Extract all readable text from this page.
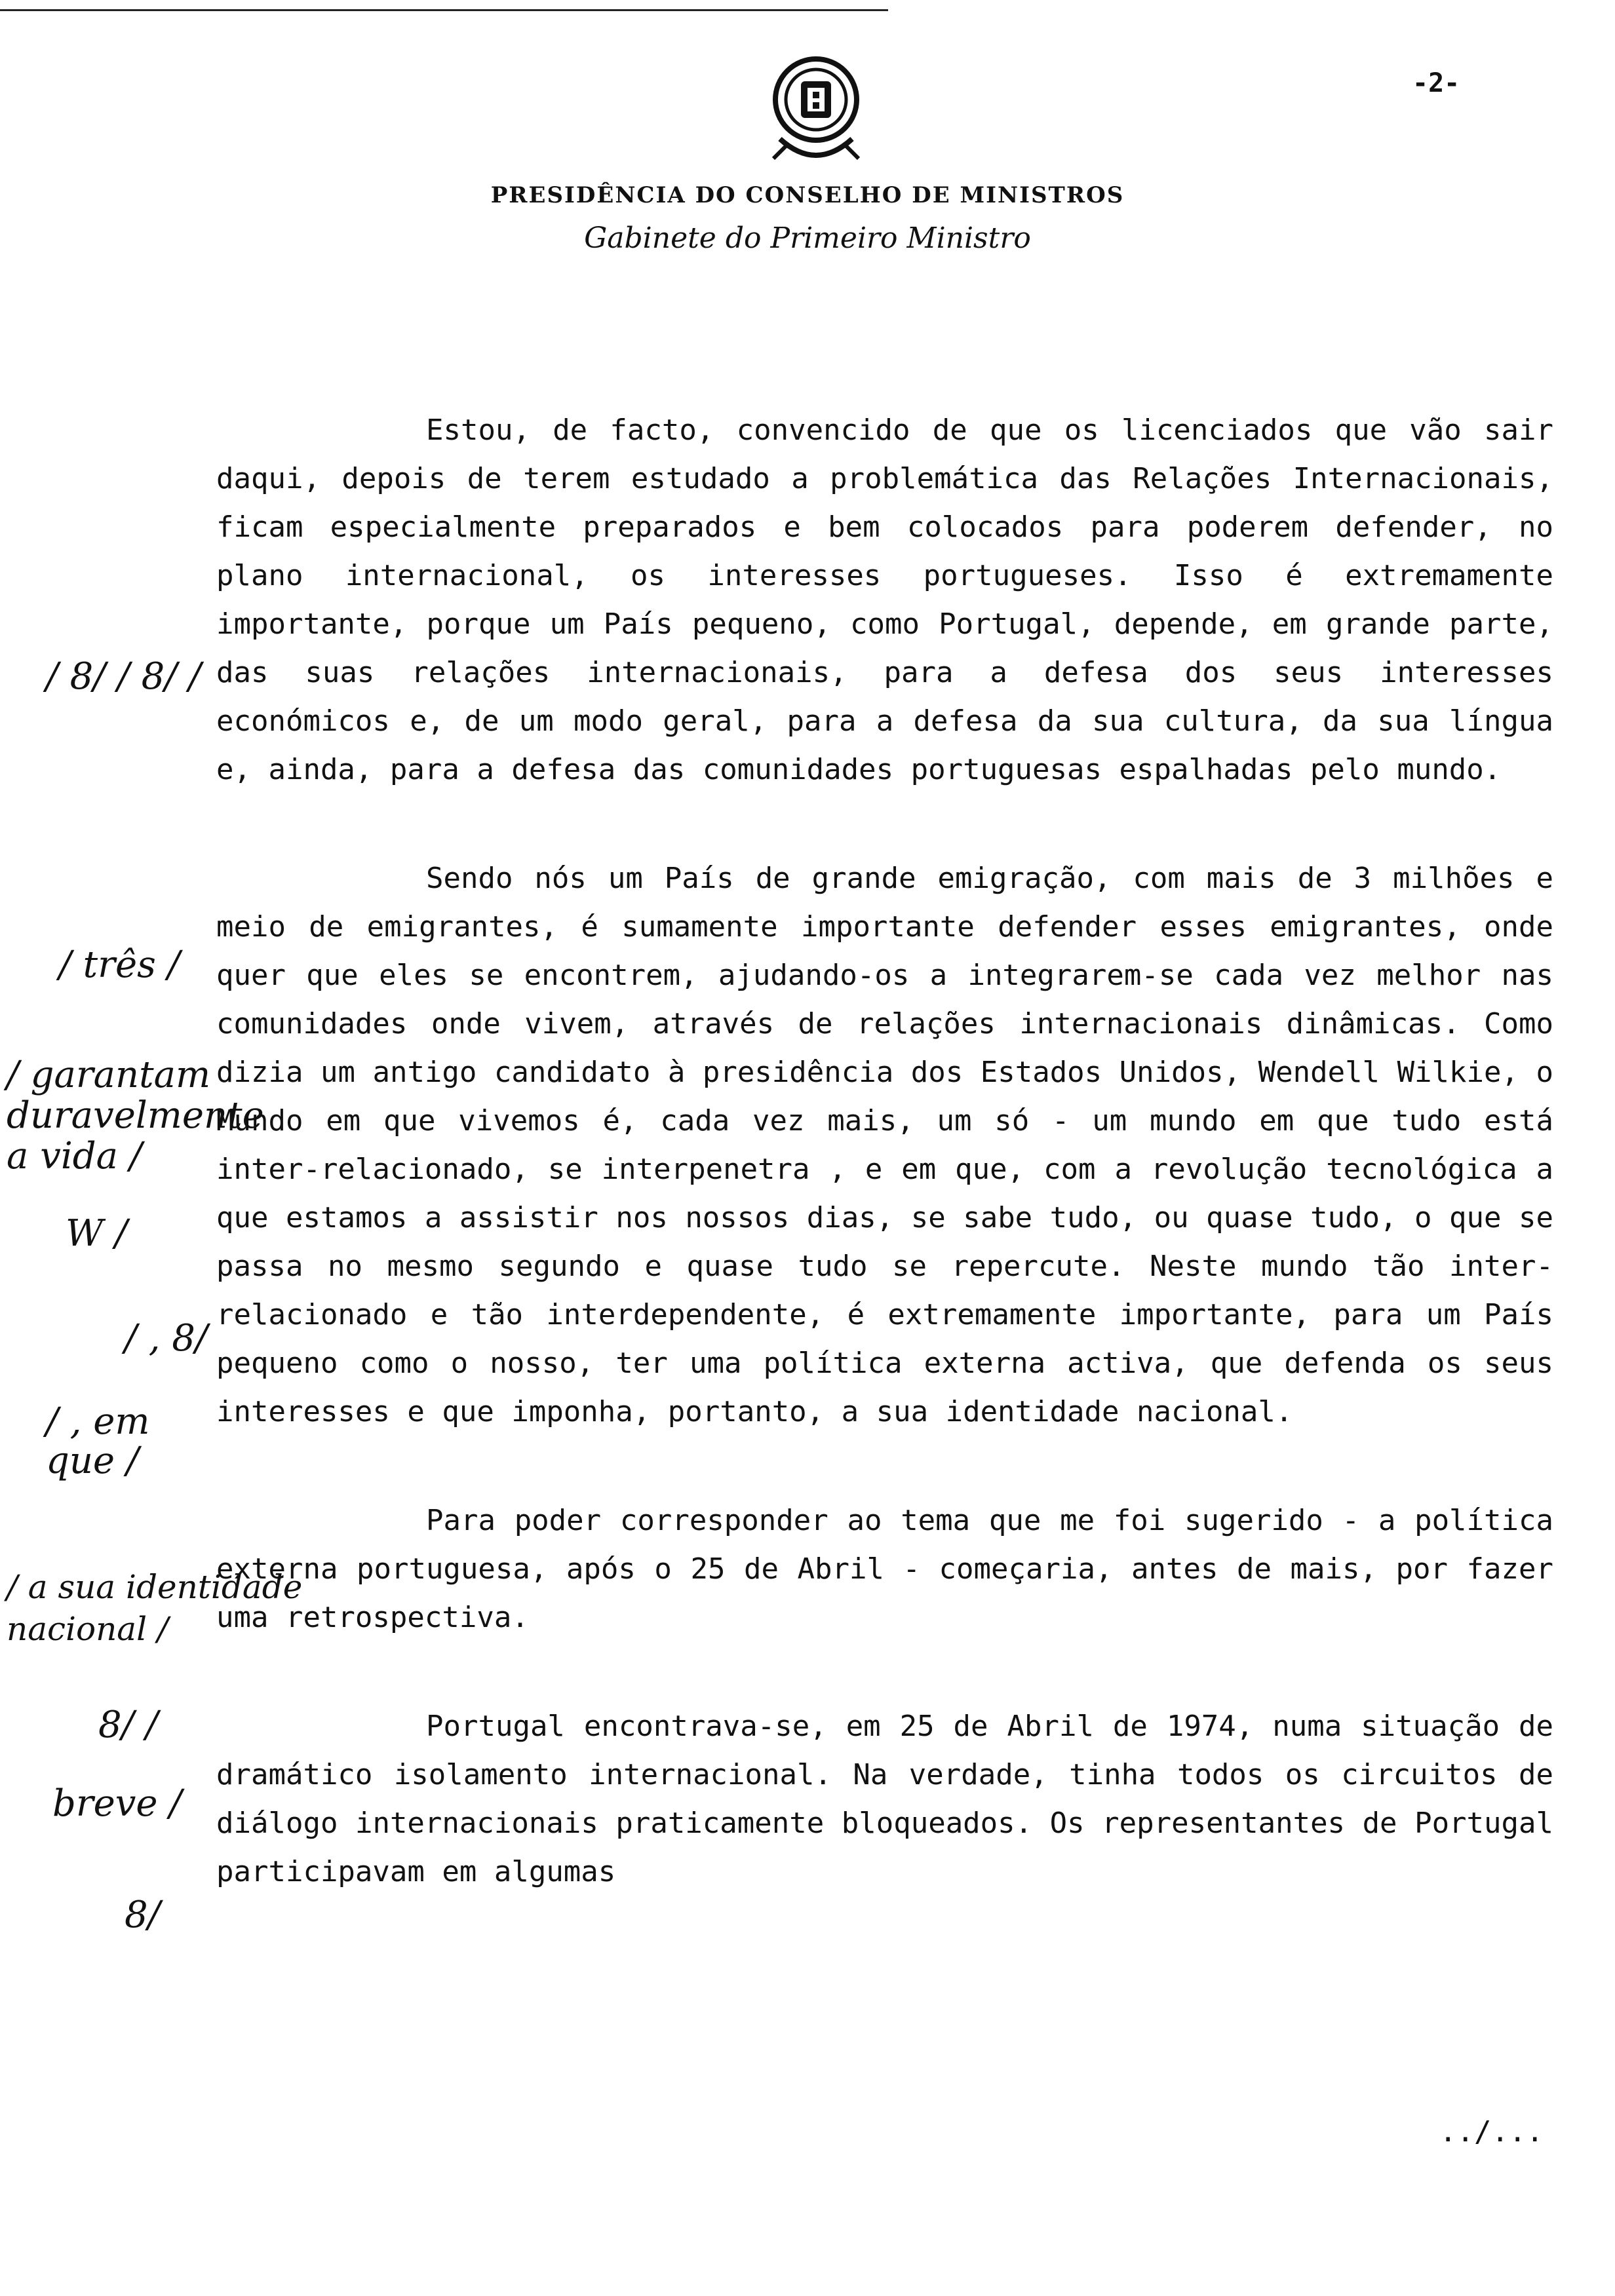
-2-
PRESIDÊNCIA DO CONSELHO DE MINISTROS
Gabinete do Primeiro Ministro

Estou, de facto, convencido de que os licenciados que vão sair daqui, depois de terem estudado a problemática das Relações Internacionais, ficam especialmente preparados e bem colocados para poderem defender, no plano internacional, os interesses portugueses. Isso é extremamente importante, porque um País pequeno, como Portugal, depende, em grande parte, das suas relações internacionais, para a defesa dos seus interesses económicos e, de um modo geral, para a defesa da sua cultura, da sua língua e, ainda, para a defesa das comunidades portuguesas espalhadas pelo mundo.

Sendo nós um País de grande emigração, com mais de 3 milhões e meio de emigrantes, é sumamente importante defender esses emigrantes, onde quer que eles se encontrem, ajudando-os a integrarem-se cada vez melhor nas comunidades onde vivem, através de relações internacionais dinâmicas. Como dizia um antigo candidato à presidência dos Estados Unidos, Wendell Wilkie, o Mundo em que vivemos é, cada vez mais, um só - um mundo em que tudo está inter-relacionado, se interpenetra , e em que, com a revolução tecnológica a que estamos a assistir nos nossos dias, se sabe tudo, ou quase tudo, o que se passa no mesmo segundo e quase tudo se repercute. Neste mundo tão inter-relacionado e tão interdependente, é extremamente importante, para um País pequeno como o nosso, ter uma política externa activa, que defenda os seus interesses e que imponha, portanto, a sua identidade nacional.

Para poder corresponder ao tema que me foi sugerido - a política externa portuguesa, após o 25 de Abril - começaria, antes de mais, por fazer uma retrospectiva.

Portugal encontrava-se, em 25 de Abril de 1974, numa situação de dramático isolamento internacional. Na verdade, tinha todos os circuitos de diálogo internacionais praticamente bloqueados. Os representantes de Portugal participavam em algumas

/ 8/ / 8/ /
/ três /
/ garantam duravelmente a vida /
W /
/ , 8/
/ , em que /
/ a sua identidade nacional /
8/ /
breve /
8/
../...
